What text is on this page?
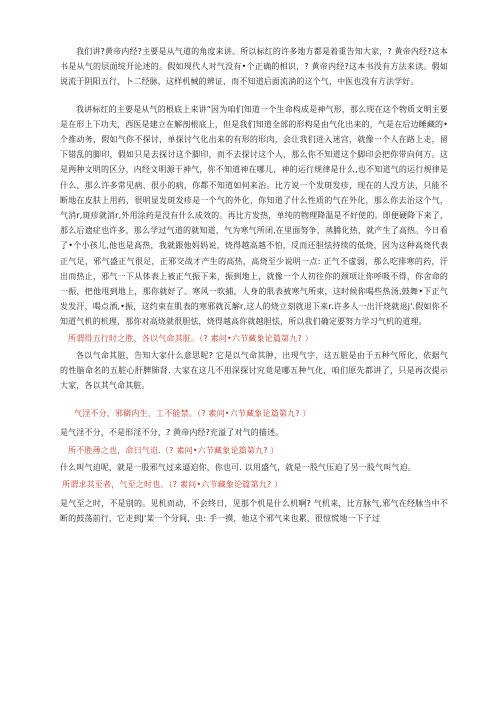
我们讲?黄帝内经?主要是从气道的角度来讲。所以标红的许多地方都是着重告知大家，? 黄帝内经?这本书是从气的层面绽开论述的。假如现代人对气没有•个正确的相识，? 黄帝内经?这本书没有方法来读。假如说流于阴阳五行、卜二经脉，这样机械的辨证，而不知道后面流淌的这个气，中医也没有方法学好。

我讲标红的主要是从气的根底上来讲“因为咱们知道一个生命构成是神气形，那么现在这个物质文明主要是在形上下功夫，西医是建立在解剖根底上，但是我们知道全部的形构是由气化出来的，气是在后边睡藏的•个推动务，假如气你不探讨，单探讨气化出来的有形的形肉，会让我们进入迷宫，就像一个人在路上走，留下错乱的脚印，假如只是去探讨这个脚印，而不去探讨这个人，那么你不知道这个脚印会把你带向何方。这是两种文明的区分，内经文明源于神气，你不知道神在哪儿，神的运行规律是什么,也不知道气的运行规律是什么，那么许多常见病、很小的病，你都不知道如何来治。比方说一个发斑发疹，现在的人没方法，只能不断地在皮肤上用药，很明显发斑发疹是一个气的外化，你知道了什么性质的气在外化，那么你去治这个气，气消r,斑疹就消r,外用涂药是没有什么成效的。再比方发热，单纯的物理降温是不好使的。即便硬降下来了，那么后遗症也许多，那么学过气道的就知道，气为寒气所闭,在里面努争，蒸腾化热，就产生了高热。今日看了•个小孩儿,他也是高热，我就跟他妈妈说，烧得越高越不怕，反而还胆怯持续的低烧，因为这种高烧代表正气足，邪气盛正气很足，正邪交战才产生的高热，高烧至少说明一点: 正气不虚弱，那么吃排寒的药，汗出而热止，邪气一下从体表上被正气振下来，振到地上，就像一个人初往你的颈项让你呼吸不得，你舍命的一振，把他甩到地上，那你就好了。寒风一吹捕，人身的肌表被寒气所束，这时候你喝些热汤,鼓舞•下正气发发汗，喝点酒,•振，这约束在肌表的寒邪就瓦解r,这人的烧立刻就退下来r.许多人一出汗烧就退j'.假如你不知道气机的机理，那你对高烧就很胆怯，烧得越高你就越胆怯，所以我们确定要努力学习气机的道理。

所谓得五行时之胜，各以气命其脏。（? 素问•六节藏象论篇第九? ）

各以气命其脏，告知大家什么意思呢? 它是以气命其肿，出现气字，这五脏是由于五种气所化，依据气的性脑命名的五脏心肝脾肺肾. 大家在这几不用深探讨究竟是哪五种气化，咱们原先都讲了，只是再次提示大家，各以其气命其脏。

气淫不分，邪僻内生，工不能禁。（? 素问•六节藏象论篇第九? ）

是气淫不分，不是形淫不分，? 黄帝内经?充溢了对气的描述。

所不胜薄之也，命曰气迫.（? 素问•六节藏象论篇第九? ）

什么叫气迫呢，就是一股邪气过来逼迫你，你也可. 以用盛气，就是一股气压迫了另一股气叫气迫。

所谓求其至者，气至之时也。（? 素问•六节藏象论篇第九? ）

是气至之时，不是别的。见机而动，不会终日，见那个机是什么机啊? 气机来，比方脉气,邪气在经脉当中不断的鼓荡前行，它走到J'某一个分间，虫: 手一摸，他这个邪气来也累，很惊慌地一下子过
